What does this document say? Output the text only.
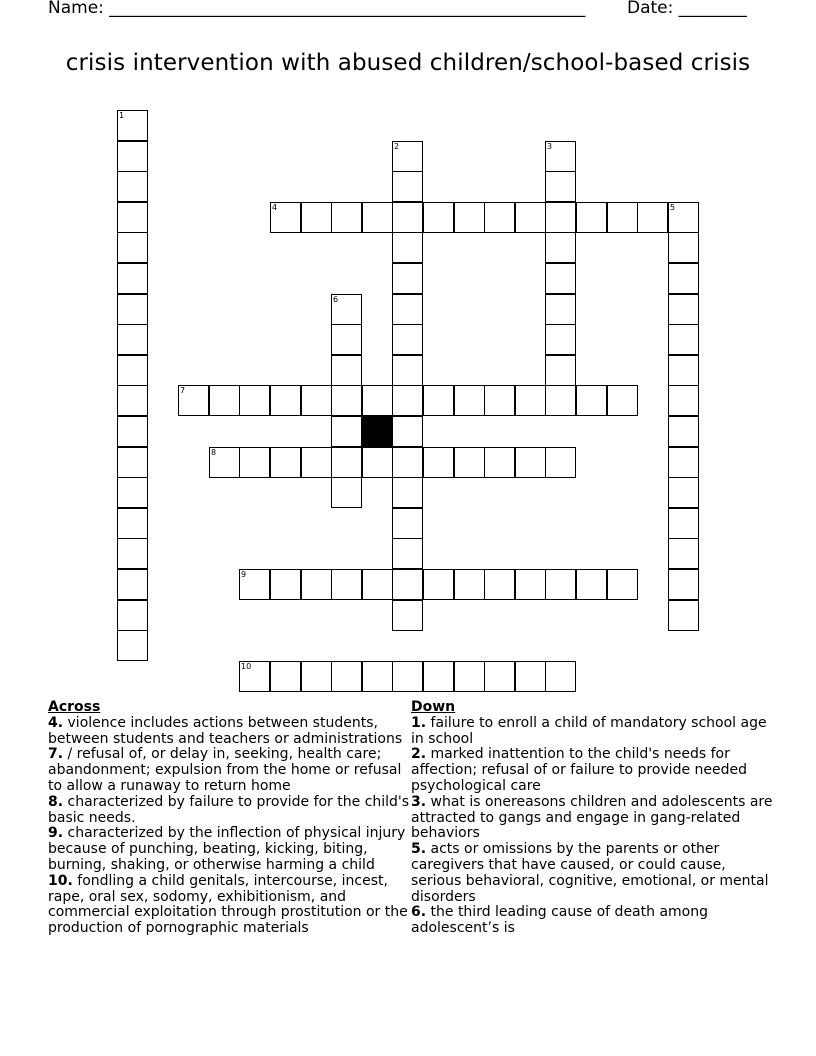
Name: ________________________________________________________ Date: ________
crisis intervention with abused children/school-based crisis
1
2	3
4	5
6
7
8
9
10
Across
4. violence includes actions between students, between students and teachers or administrations
7. / refusal of, or delay in, seeking, health care; abandonment; expulsion from the home or refusal to allow a runaway to return home
8. characterized by failure to provide for the child's basic needs.
9. characterized by the inflection of physical injury because of punching, beating, kicking, biting, burning, shaking, or otherwise harming a child
10. fondling a child genitals, intercourse, incest, rape, oral sex, sodomy, exhibitionism, and commercial exploitation through prostitution or the production of pornographic materials
Down
1. failure to enroll a child of mandatory school age in school
2. marked inattention to the child's needs for affection; refusal of or failure to provide needed psychological care
3. what is onereasons children and adolescents are attracted to gangs and engage in gang-related behaviors
5. acts or omissions by the parents or other caregivers that have caused, or could cause, serious behavioral, cognitive, emotional, or mental disorders
6. the third leading cause of death among adolescent’s is
